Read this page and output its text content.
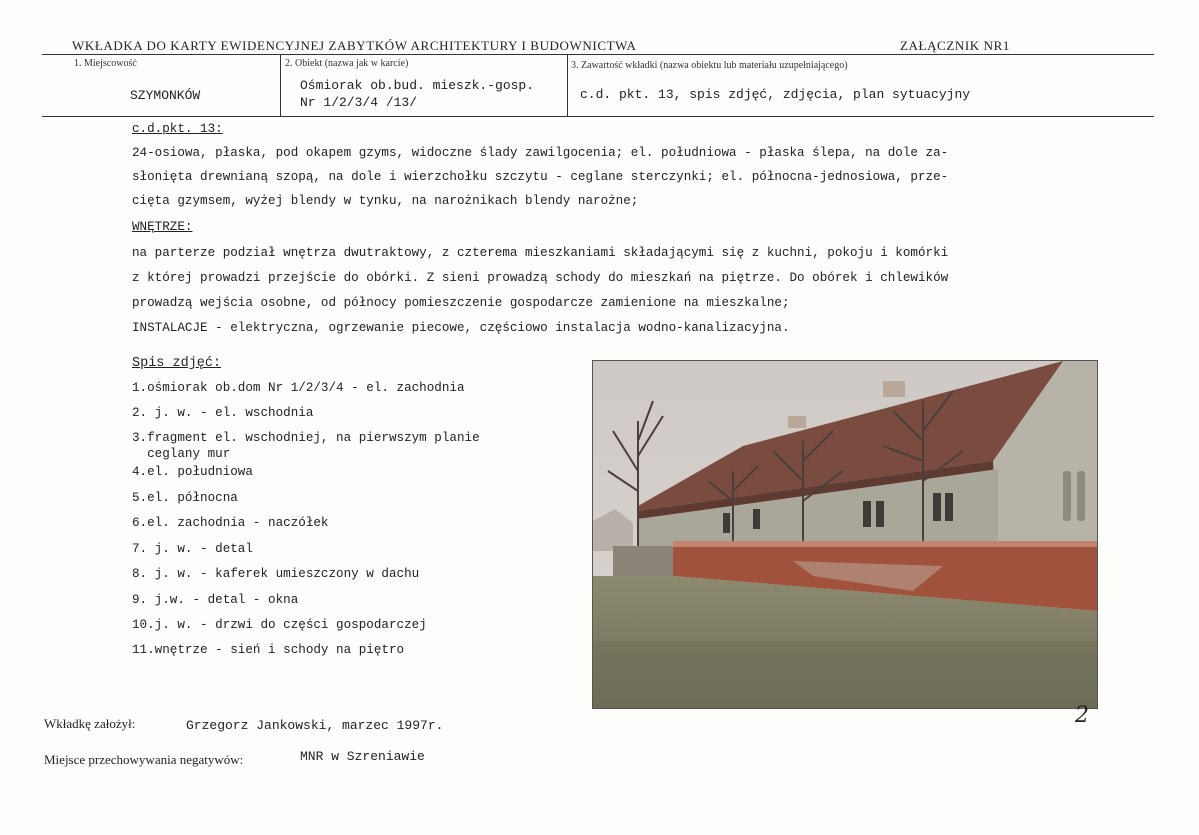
WKŁADKA DO KARTY EWIDENCYJNEJ ZABYTKÓW ARCHITEKTURY I BUDOWNICTWA	ZAŁĄCZNIK NR1
1. Miejscowość
SZYMONKÓW
2. Obiekt (nazwa jak w karcie)
Ośmiorak ob.bud. mieszk.-gosp.
Nr 1/2/3/4 /13/
3. Zawartość wkładki (nazwa obiektu lub materiału uzupełniającego)
c.d. pkt. 13, spis zdjęć, zdjęcia, plan sytuacyjny
c.d.pkt. 13:
24-osiowa, płaska, pod okapem gzyms, widoczne ślady zawilgocenia; el. południowa - płaska ślepa, na dole za-
słonięta drewnianą szopą, na dole i wierzchołku szczytu - ceglane sterczynki; el. północna-jednosiowa, prze-
cięta gzymsem, wyżej blendy w tynku, na narożnikach blendy narożne;
WNĘTRZE:
na parterze podział wnętrza dwutraktowy, z czterema mieszkaniami składającymi się z kuchni, pokoju i komórki
z której prowadzi przejście do obórki. Z sieni prowadzą schody do mieszkań na piętrze. Do obórek i chlewików
prowadzą wejścia osobne, od północy pomieszczenie gospodarcze zamienione na mieszkalne;
INSTALACJE - elektryczna, ogrzewanie piecowe, częściowo instalacja wodno-kanalizacyjna.
Spis zdjęć:
1.ośmiorak ob.dom Nr 1/2/3/4 - el. zachodnia
2. j. w. - el. wschodnia
3.fragment el. wschodniej, na pierwszym planie
ceglany mur
4.el. południowa
5.el. północna
6.el. zachodnia - naczółek
7. j. w. - detal
8. j. w. - kaferek umieszczony w dachu
9. j.w. - detal - okna
10.j. w. - drzwi do części gospodarczej
11.wnętrze - sień i schody na piętro
2
Wkładkę założył:	Grzegorz Jankowski, marzec 1997r.
Miejsce przechowywania negatywów:	MNR w Szreniawie
